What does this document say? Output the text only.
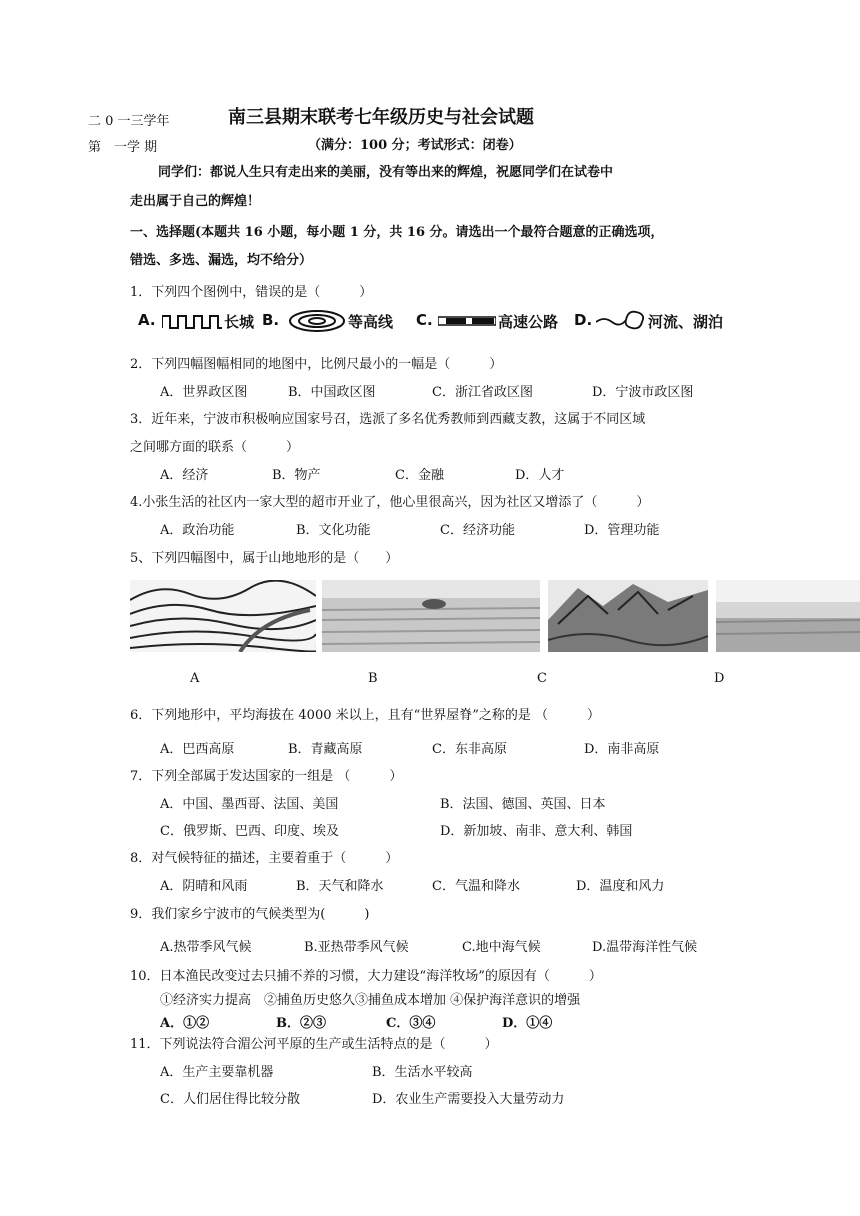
二 0 一三学年	南三县期末联考七年级历史与社会试题
第　一学 期	（满分：100 分；考试形式：闭卷）
同学们：都说人生只有走出来的美丽，没有等出来的辉煌，祝愿同学们在试卷中
走出属于自己的辉煌！
一、选择题(本题共 16 小题，每小题 1 分，共 16 分。请选出一个最符合题意的正确选项，
错选、多选、漏选，均不给分）
1．下列四个图例中，错误的是（　　　）
A.	长城 B.	等高线 C.	高速公路 D.	河流、湖泊
2．下列四幅图幅相同的地图中，比例尺最小的一幅是（　　　）
A．世界政区图	B．中国政区图	C．浙江省政区图	D．宁波市政区图
3．近年来，宁波市积极响应国家号召，选派了多名优秀教师到西藏支教，这属于不同区域
之间哪方面的联系（　　　）
A．经济	B．物产	C．金融	D．人才
4.小张生活的社区内一家大型的超市开业了，他心里很高兴，因为社区又增添了（　　　）
A．政治功能	B．文化功能	C．经济功能	D．管理功能
5、下列四幅图中，属于山地地形的是（　　）
A	B	C	D
6．下列地形中，平均海拔在 4000 米以上，且有“世界屋脊”之称的是 （　　　）
A．巴西高原	B．青藏高原	C．东非高原	D．南非高原
7．下列全部属于发达国家的一组是 （　　　）
A．中国、墨西哥、法国、美国	B．法国、德国、英国、日本
C．俄罗斯、巴西、印度、埃及	D．新加坡、南非、意大利、韩国
8．对气候特征的描述，主要着重于（　　　）
A．阴晴和风雨	B．天气和降水	C．气温和降水	D．温度和风力
9．我们家乡宁波市的气候类型为(　　　)
A.热带季风气候	B.亚热带季风气候	C.地中海气候	D.温带海洋性气候
10．日本渔民改变过去只捕不养的习惯，大力建设“海洋牧场”的原因有（　　　）
①经济实力提高　②捕鱼历史悠久③捕鱼成本增加 ④保护海洋意识的增强
A．①②	B．②③	C．③④	D．①④
11．下列说法符合湄公河平原的生产或生活特点的是（　　　）
A．生产主要靠机器	B．生活水平较高
C．人们居住得比较分散	D．农业生产需要投入大量劳动力
